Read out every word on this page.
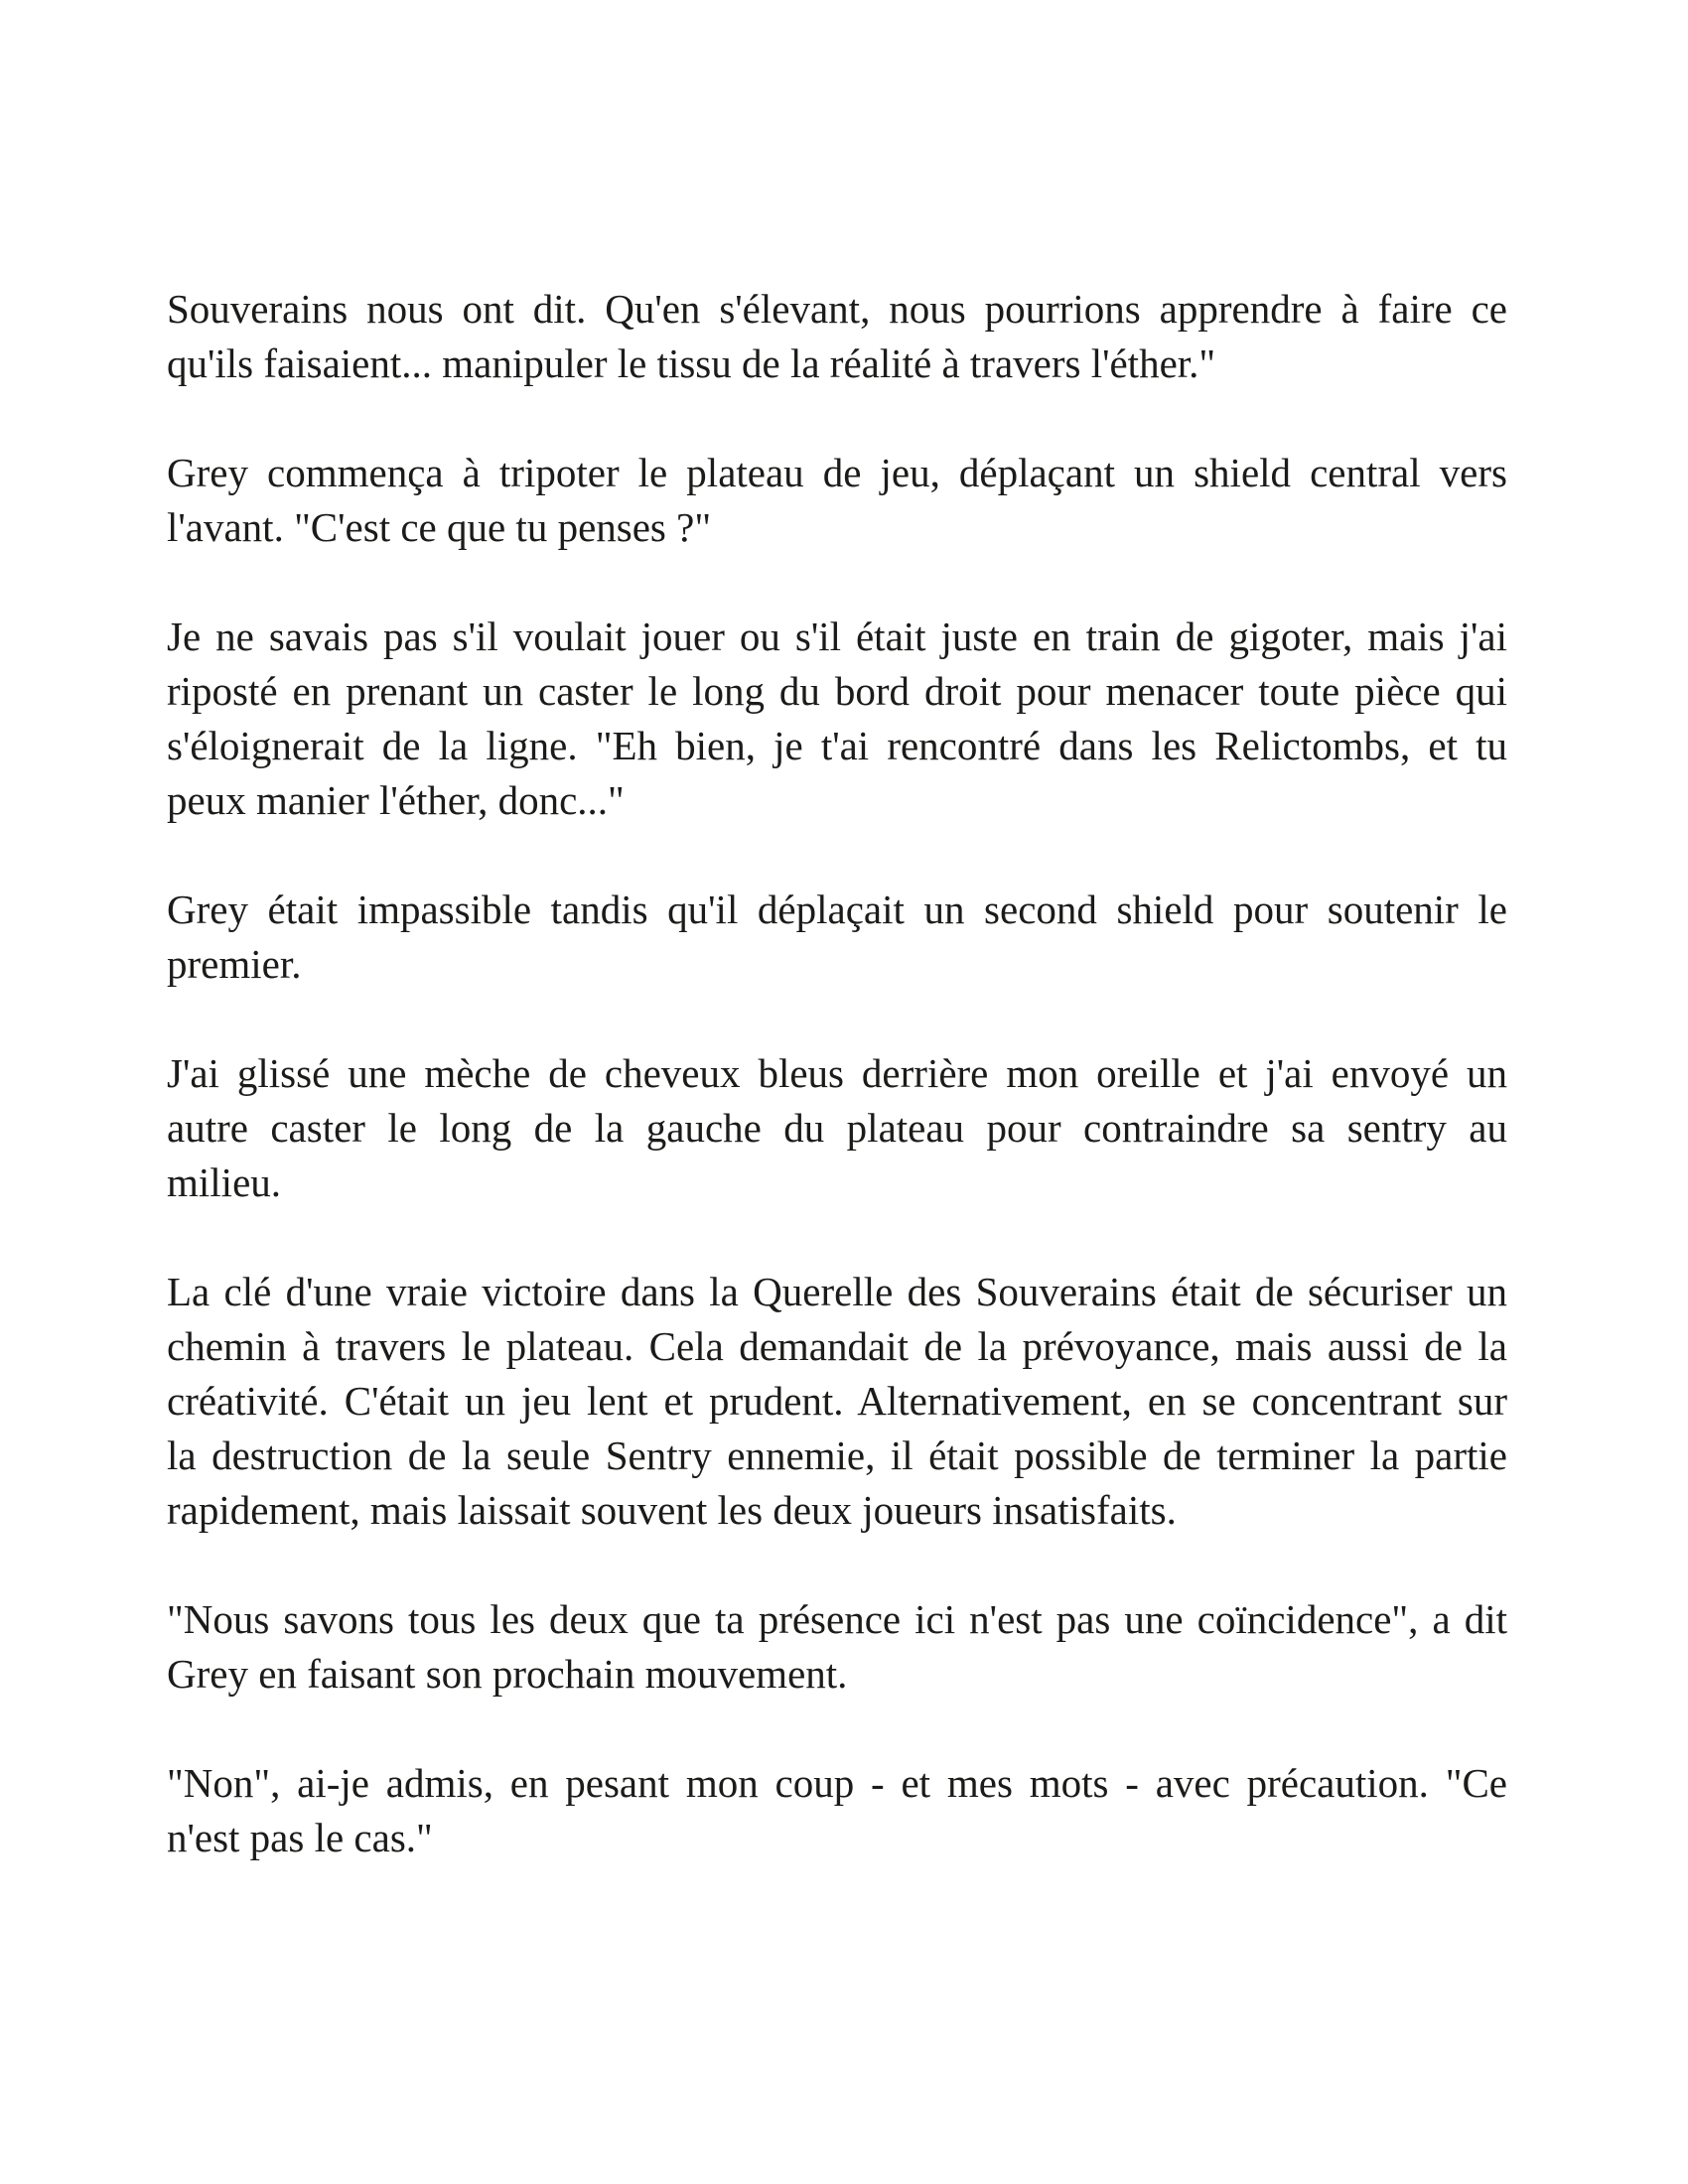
Souverains nous ont dit. Qu'en s'élevant, nous pourrions apprendre à faire ce
qu'ils faisaient... manipuler le tissu de la réalité à travers l'éther."
Grey commença à tripoter le plateau de jeu, déplaçant un shield central vers
l'avant. "C'est ce que tu penses ?"
Je ne savais pas s'il voulait jouer ou s'il était juste en train de gigoter, mais j'ai
riposté en prenant un caster le long du bord droit pour menacer toute pièce qui
s'éloignerait de la ligne. "Eh bien, je t'ai rencontré dans les Relictombs, et tu
peux manier l'éther, donc..."
Grey était impassible tandis qu'il déplaçait un second shield pour soutenir le
premier.
J'ai glissé une mèche de cheveux bleus derrière mon oreille et j'ai envoyé un
autre caster le long de la gauche du plateau pour contraindre sa sentry au
milieu.
La clé d'une vraie victoire dans la Querelle des Souverains était de sécuriser un
chemin à travers le plateau. Cela demandait de la prévoyance, mais aussi de la
créativité. C'était un jeu lent et prudent. Alternativement, en se concentrant sur
la destruction de la seule Sentry ennemie, il était possible de terminer la partie
rapidement, mais laissait souvent les deux joueurs insatisfaits.
"Nous savons tous les deux que ta présence ici n'est pas une coïncidence", a dit
Grey en faisant son prochain mouvement.
"Non", ai-je admis, en pesant mon coup - et mes mots - avec précaution. "Ce
n'est pas le cas."
